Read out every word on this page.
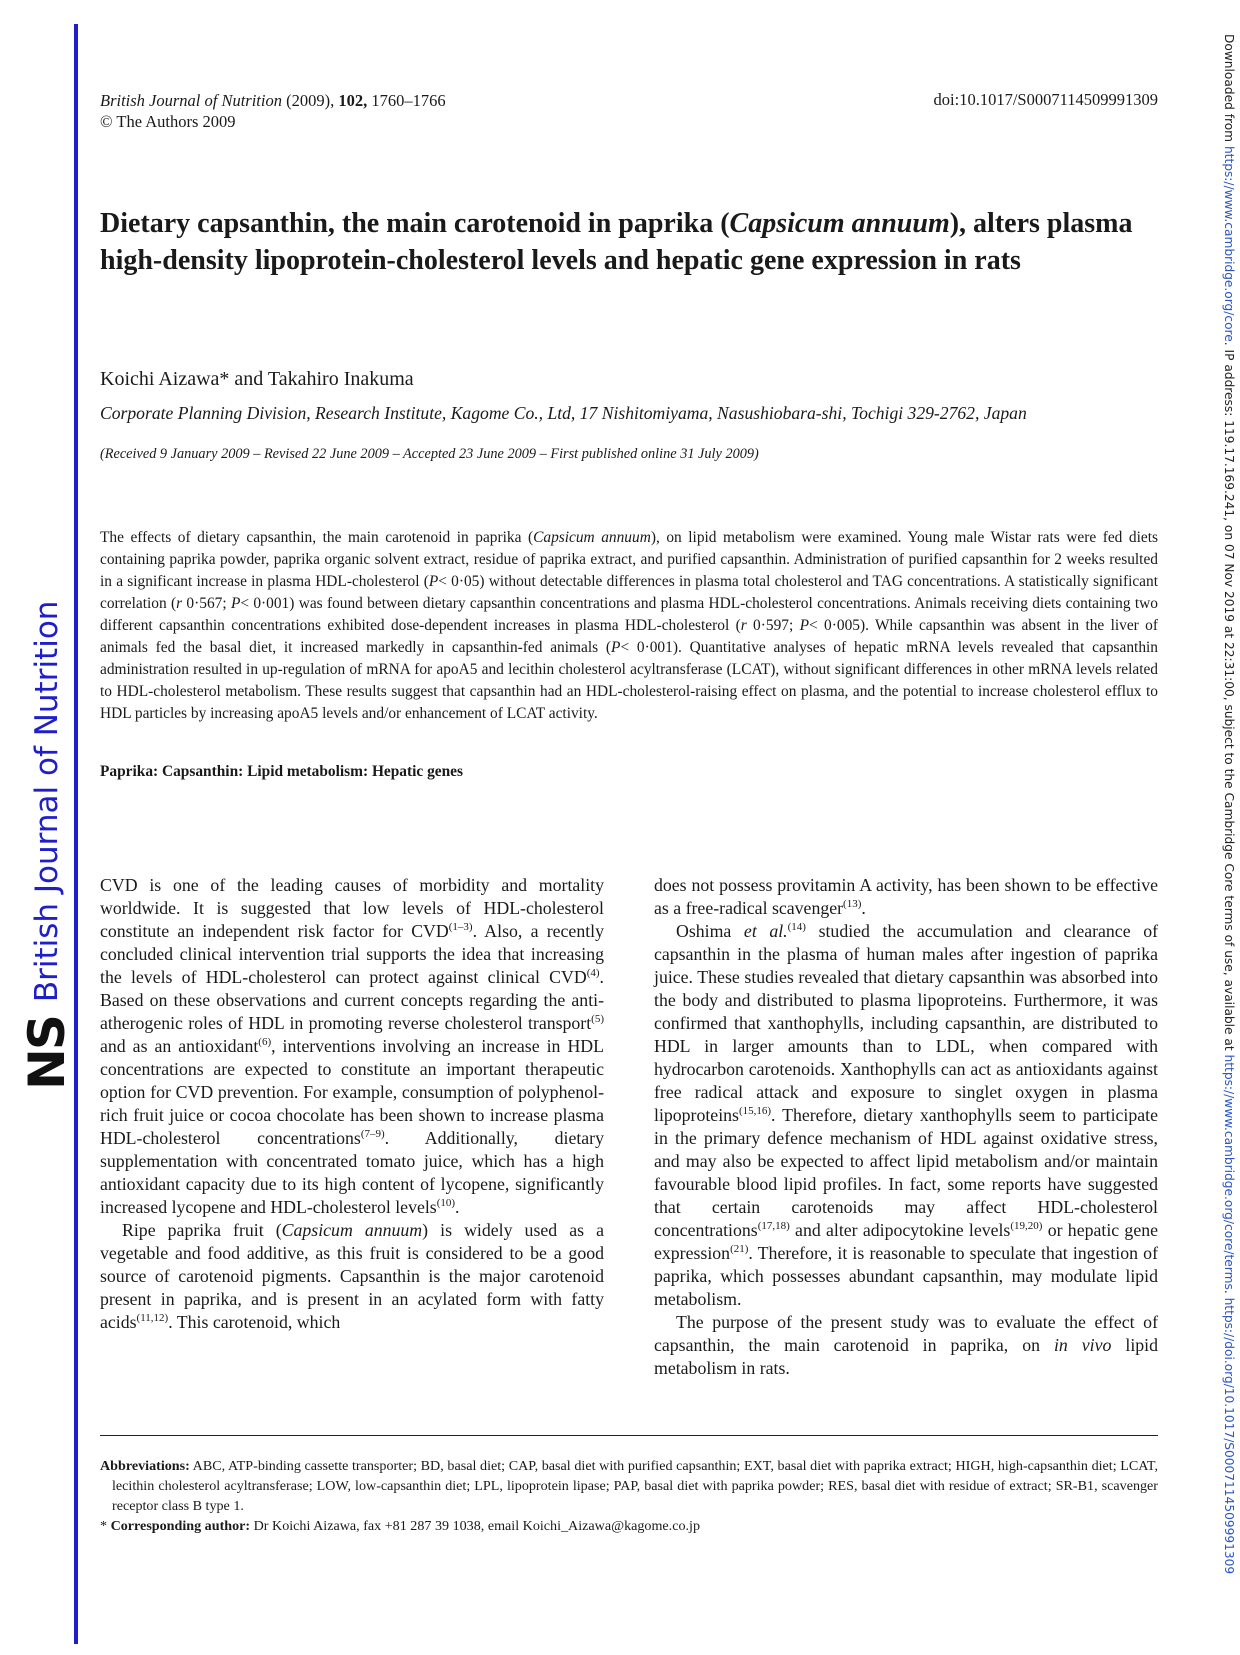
NS
British Journal of Nutrition
Downloaded from https://www.cambridge.org/core. IP address: 119.17.169.241, on 07 Nov 2019 at 22:31:00, subject to the Cambridge Core terms of use, available at https://www.cambridge.org/core/terms. https://doi.org/10.1017/S0007114509991309
British Journal of Nutrition (2009), 102, 1760–1766
© The Authors 2009
doi:10.1017/S0007114509991309
Dietary capsanthin, the main carotenoid in paprika (Capsicum annuum), alters plasma high-density lipoprotein-cholesterol levels and hepatic gene expression in rats
Koichi Aizawa* and Takahiro Inakuma
Corporate Planning Division, Research Institute, Kagome Co., Ltd, 17 Nishitomiyama, Nasushiobara-shi, Tochigi 329-2762, Japan
(Received 9 January 2009 – Revised 22 June 2009 – Accepted 23 June 2009 – First published online 31 July 2009)

The effects of dietary capsanthin, the main carotenoid in paprika (Capsicum annuum), on lipid metabolism were examined. Young male Wistar rats were fed diets containing paprika powder, paprika organic solvent extract, residue of paprika extract, and purified capsanthin. Administration of purified capsanthin for 2 weeks resulted in a significant increase in plasma HDL-cholesterol (P< 0·05) without detectable differences in plasma total cholesterol and TAG concentrations. A statistically significant correlation (r 0·567; P< 0·001) was found between dietary capsanthin concentrations and plasma HDL-cholesterol concentrations. Animals receiving diets containing two different capsanthin concentrations exhibited dose-dependent increases in plasma HDL-cholesterol (r 0·597; P< 0·005). While capsanthin was absent in the liver of animals fed the basal diet, it increased markedly in capsanthin-fed animals (P< 0·001). Quantitative analyses of hepatic mRNA levels revealed that capsanthin administration resulted in up-regulation of mRNA for apoA5 and lecithin cholesterol acyltransferase (LCAT), without significant differences in other mRNA levels related to HDL-cholesterol metabolism. These results suggest that capsanthin had an HDL-cholesterol-raising effect on plasma, and the potential to increase cholesterol efflux to HDL particles by increasing apoA5 levels and/or enhancement of LCAT activity.

Paprika: Capsanthin: Lipid metabolism: Hepatic genes

CVD is one of the leading causes of morbidity and mortality worldwide. It is suggested that low levels of HDL-cholesterol constitute an independent risk factor for CVD$^{(1-3)}$. Also, a recently concluded clinical intervention trial supports the idea that increasing the levels of HDL-cholesterol can protect against clinical CVD$^{(4)}$. Based on these observations and current concepts regarding the anti-atherogenic roles of HDL in promoting reverse cholesterol transport$^{(5)}$ and as an antioxidant$^{(6)}$, interventions involving an increase in HDL concentrations are expected to constitute an important therapeutic option for CVD prevention. For example, consumption of polyphenol-rich fruit juice or cocoa chocolate has been shown to increase plasma HDL-cholesterol concentrations$^{(7-9)}$. Additionally, dietary supplementation with concentrated tomato juice, which has a high antioxidant capacity due to its high content of lycopene, significantly increased lycopene and HDL-cholesterol levels$^{(10)}$.

Ripe paprika fruit (Capsicum annuum) is widely used as a vegetable and food additive, as this fruit is considered to be a good source of carotenoid pigments. Capsanthin is the major carotenoid present in paprika, and is present in an acylated form with fatty acids$^{(11,12)}$. This carotenoid, which

does not possess provitamin A activity, has been shown to be effective as a free-radical scavenger$^{(13)}$.

Oshima et al.$^{(14)}$ studied the accumulation and clearance of capsanthin in the plasma of human males after ingestion of paprika juice. These studies revealed that dietary capsanthin was absorbed into the body and distributed to plasma lipoproteins. Furthermore, it was confirmed that xanthophylls, including capsanthin, are distributed to HDL in larger amounts than to LDL, when compared with hydrocarbon carotenoids. Xanthophylls can act as antioxidants against free radical attack and exposure to singlet oxygen in plasma lipoproteins$^{(15,16)}$. Therefore, dietary xanthophylls seem to participate in the primary defence mechanism of HDL against oxidative stress, and may also be expected to affect lipid metabolism and/or maintain favourable blood lipid profiles. In fact, some reports have suggested that certain carotenoids may affect HDL-cholesterol concentrations$^{(17,18)}$ and alter adipocytokine levels$^{(19,20)}$ or hepatic gene expression$^{(21)}$. Therefore, it is reasonable to speculate that ingestion of paprika, which possesses abundant capsanthin, may modulate lipid metabolism.

The purpose of the present study was to evaluate the effect of capsanthin, the main carotenoid in paprika, on in vivo lipid metabolism in rats.

Abbreviations: ABC, ATP-binding cassette transporter; BD, basal diet; CAP, basal diet with purified capsanthin; EXT, basal diet with paprika extract; HIGH, high-capsanthin diet; LCAT, lecithin cholesterol acyltransferase; LOW, low-capsanthin diet; LPL, lipoprotein lipase; PAP, basal diet with paprika powder; RES, basal diet with residue of extract; SR-B1, scavenger receptor class B type 1.

* Corresponding author: Dr Koichi Aizawa, fax +81 287 39 1038, email Koichi_Aizawa@kagome.co.jp
